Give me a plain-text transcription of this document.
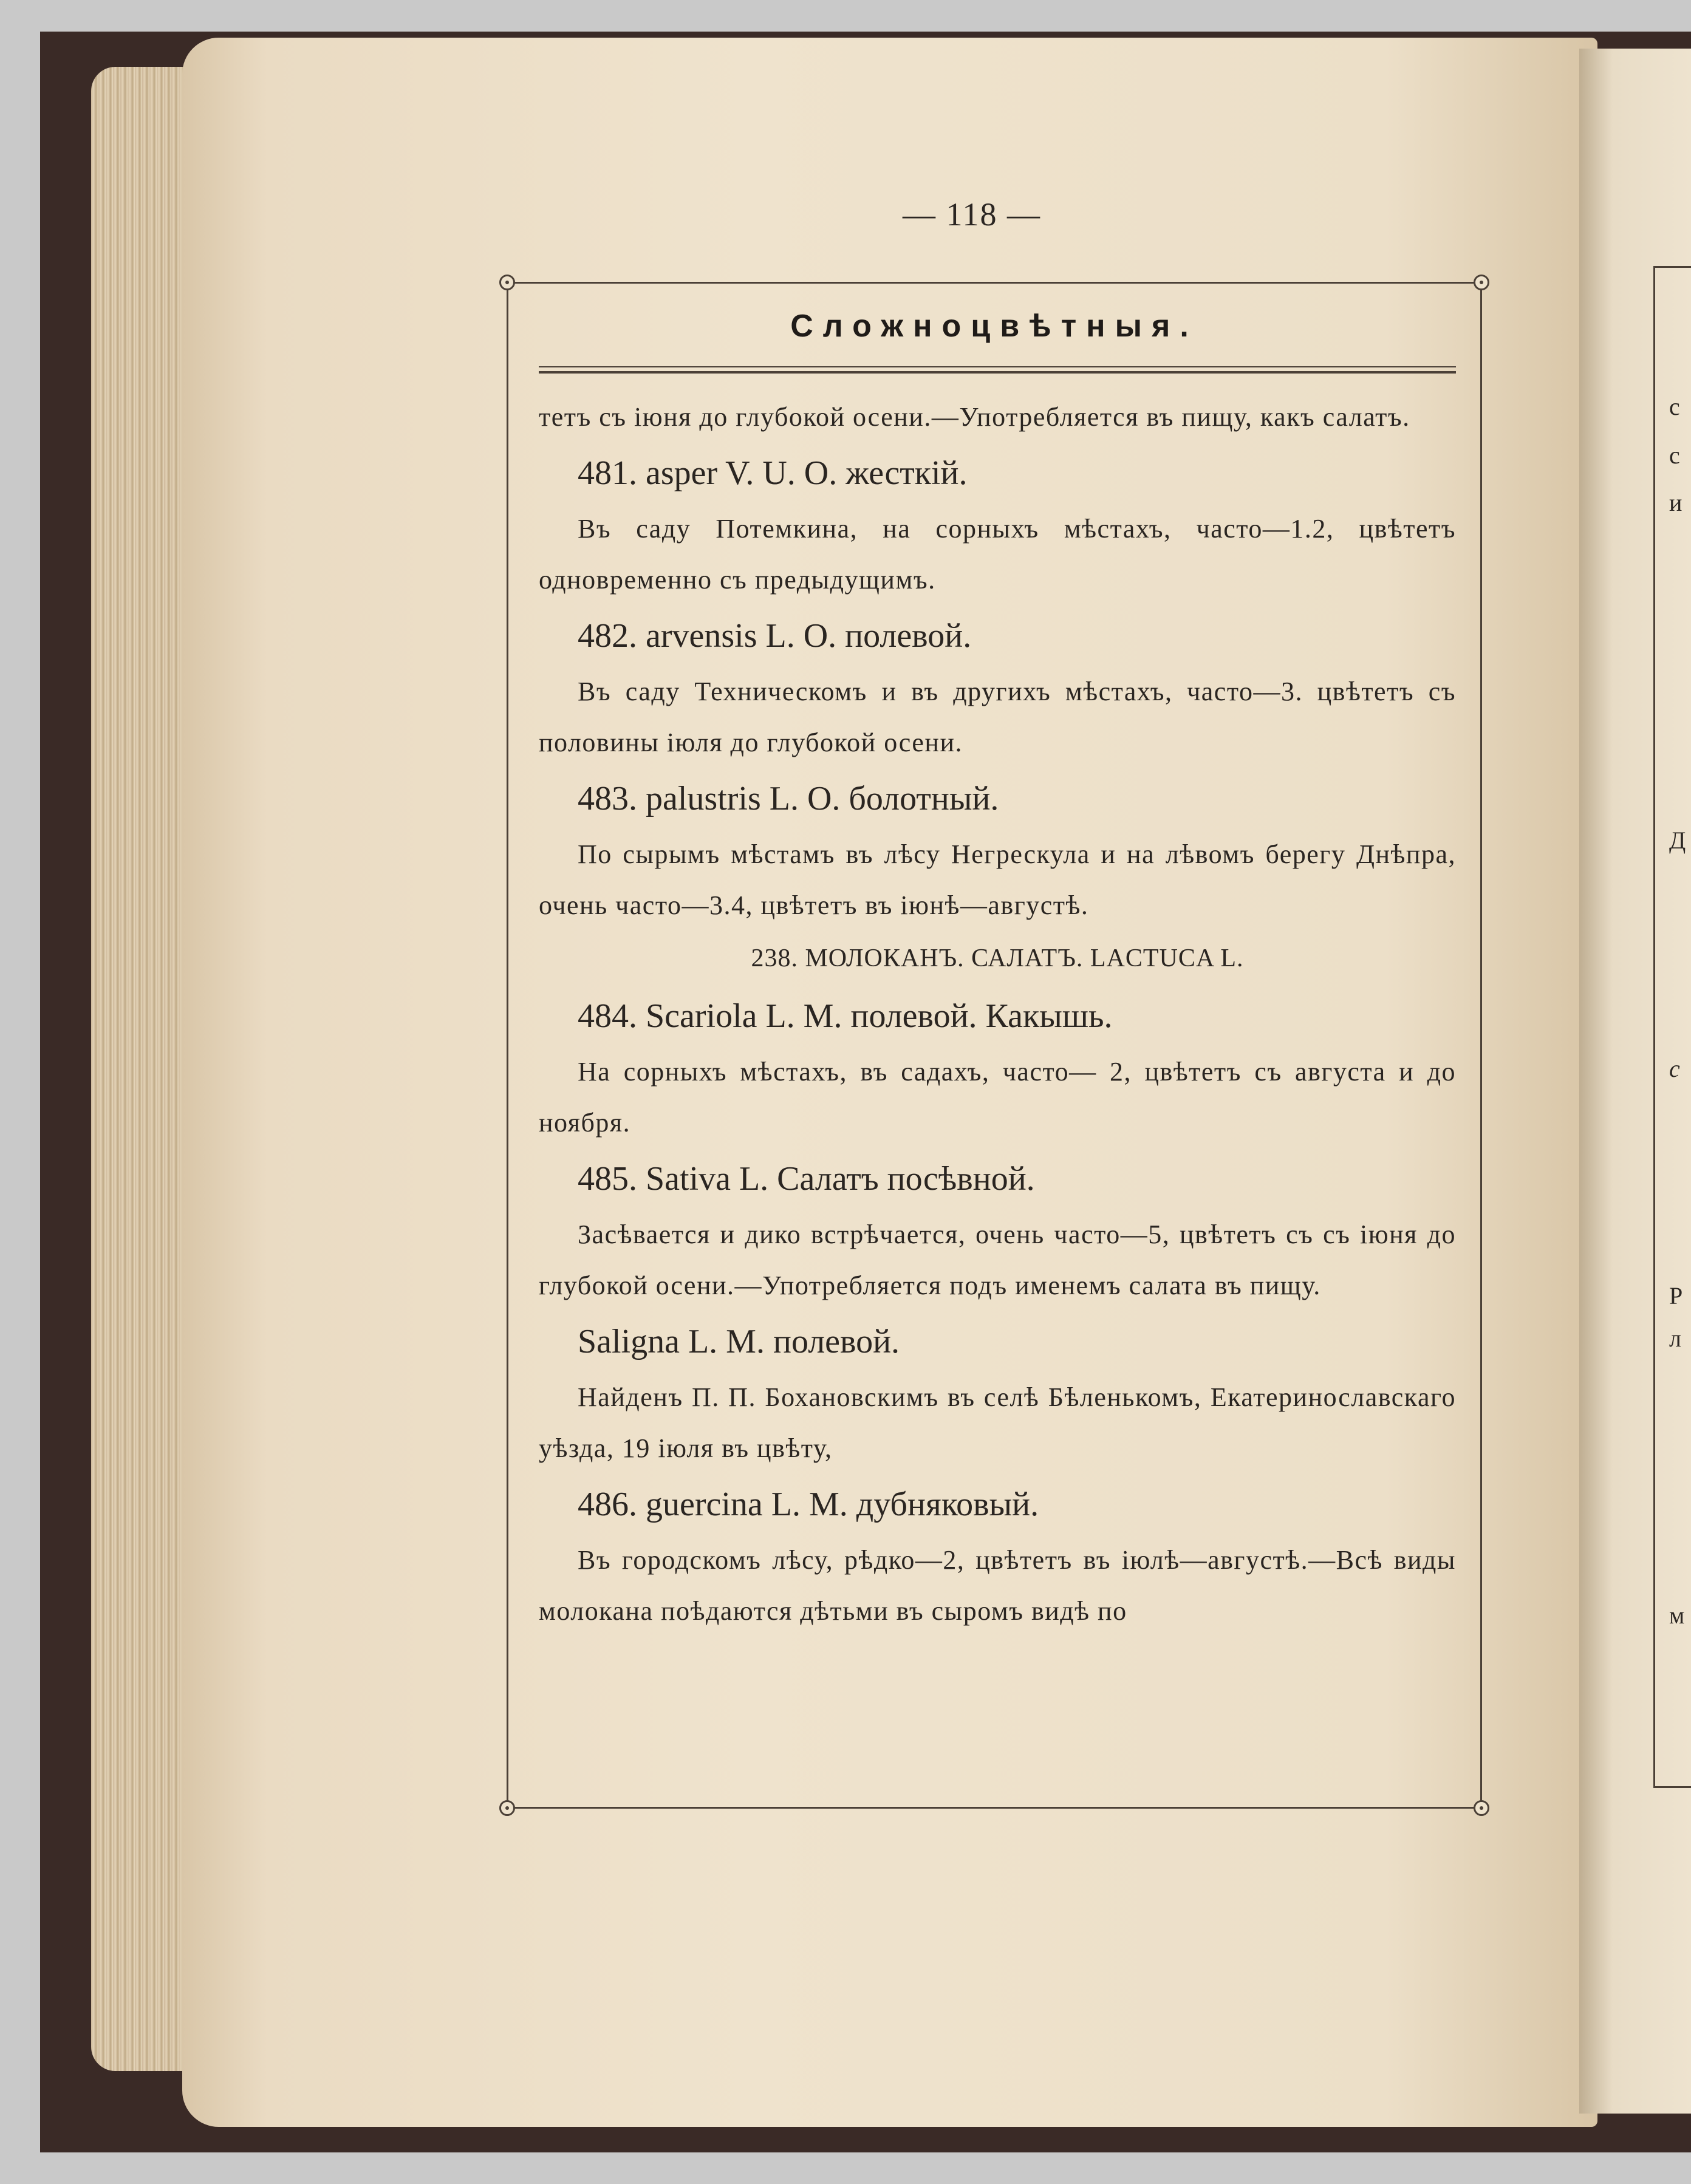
с
с
и
Д
с
Р
л
м
— 118 —
Сложноцвѣтныя.

тетъ съ іюня до глубокой осени.—Употребляется въ пищу, какъ салатъ.

481. asper V. U. O. жесткій.

Въ саду Потемкина, на сорныхъ мѣстахъ, часто—1.2, цвѣтетъ одновременно съ предыдущимъ.

482. arvensis L. O. полевой.

Въ саду Техническомъ и въ другихъ мѣстахъ, часто—3. цвѣтетъ съ половины іюля до глубокой осени.

483. palustris L. O. болотный.

По сырымъ мѣстамъ въ лѣсу Негрескула и на лѣвомъ берегу Днѣпра, очень часто—3.4, цвѣтетъ въ іюнѣ—августѣ.

238. МОЛОКАНЪ. САЛАТЪ. LACTUCA L.

484. Scariola L. M. полевой. Какышь.

На сорныхъ мѣстахъ, въ садахъ, часто— 2, цвѣтетъ съ августа и до ноября.

485. Sativa L. Салатъ посѣвной.

Засѣвается и дико встрѣчается, очень часто—5, цвѣтетъ съ съ іюня до глубокой осени.—Употребляется подъ именемъ салата въ пищу.

Saligna L. M. полевой.

Найденъ П. П. Бохановскимъ въ селѣ Бѣленькомъ, Екатеринославскаго уѣзда, 19 іюля въ цвѣту,

486. guercina L. M. дубняковый.

Въ городскомъ лѣсу, рѣдко—2, цвѣтетъ въ іюлѣ—августѣ.—Всѣ виды молокана поѣдаются дѣтьми въ сыромъ видѣ по
